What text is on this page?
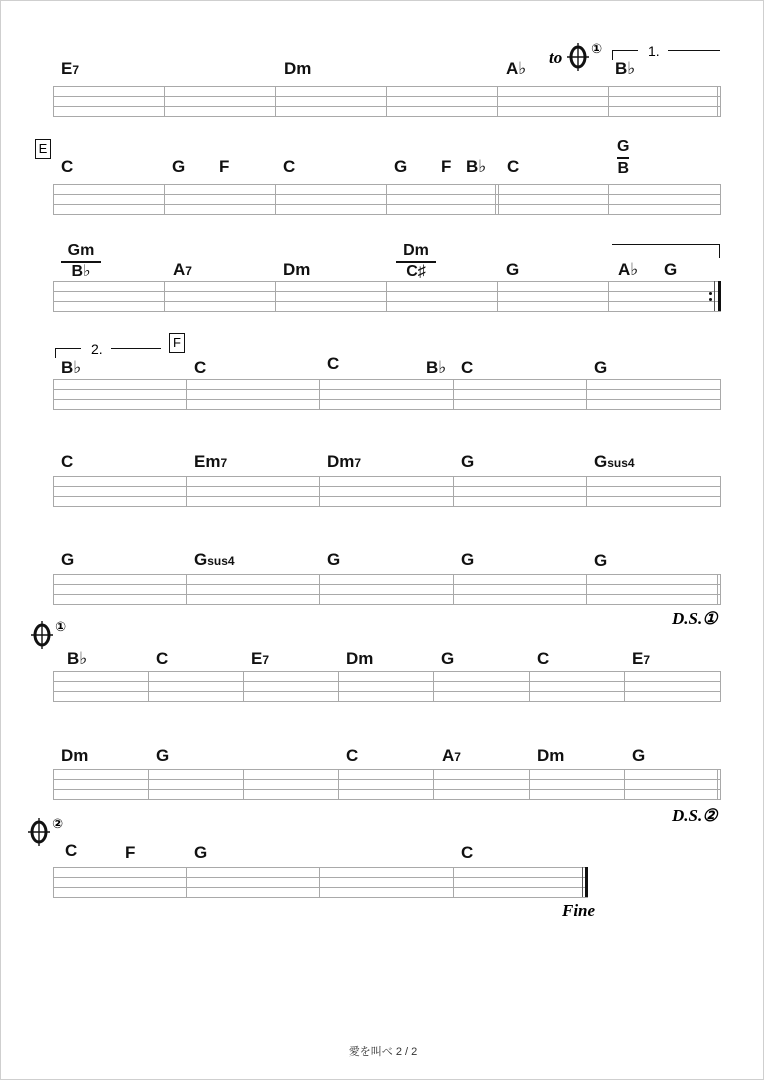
E7	Dm	A♭	B♭
to ①	1.
E
C	G F	C	G F B♭ C
G
B
Gm
B♭	A7	Dm
Dm
C♯	G	A♭ G
2.	F
B♭	C	C	B♭ C	G
C	Em7	Dm7	G	Gsus4
G	Gsus4	G	G	G
D.S.①
①
B♭	C	E7	Dm	G	C	E7
Dm	G	C	A7	Dm	G
D.S.②
②
C	F	G	C
Fine
愛を叫べ 2 / 2
